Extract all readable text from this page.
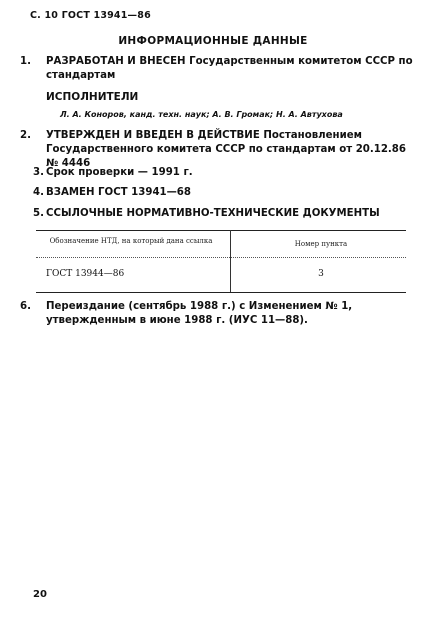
С. 10 ГОСТ 13941—86
ИНФОРМАЦИОННЫЕ ДАННЫЕ
1. РАЗРАБОТАН И ВНЕСЕН Государственным комитетом СССР по стандартам
ИСПОЛНИТЕЛИ
Л. А. Коноров, канд. техн. наук; А. В. Громак; Н. А. Автухова
2. УТВЕРЖДЕН И ВВЕДЕН В ДЕЙСТВИЕ Постановлением Государственного комитета СССР по стандартам от 20.12.86 № 4446
3. Срок проверки — 1991 г.
4. ВЗАМЕН ГОСТ 13941—68
5. ССЫЛОЧНЫЕ НОРМАТИВНО-ТЕХНИЧЕСКИЕ ДОКУМЕНТЫ
Обозначение НТД, на который дана ссылка	Номер пункта
ГОСТ 13944—86	3
6. Переиздание (сентябрь 1988 г.) с Изменением № 1, утвержденным в июне 1988 г. (ИУС 11—88).
20
